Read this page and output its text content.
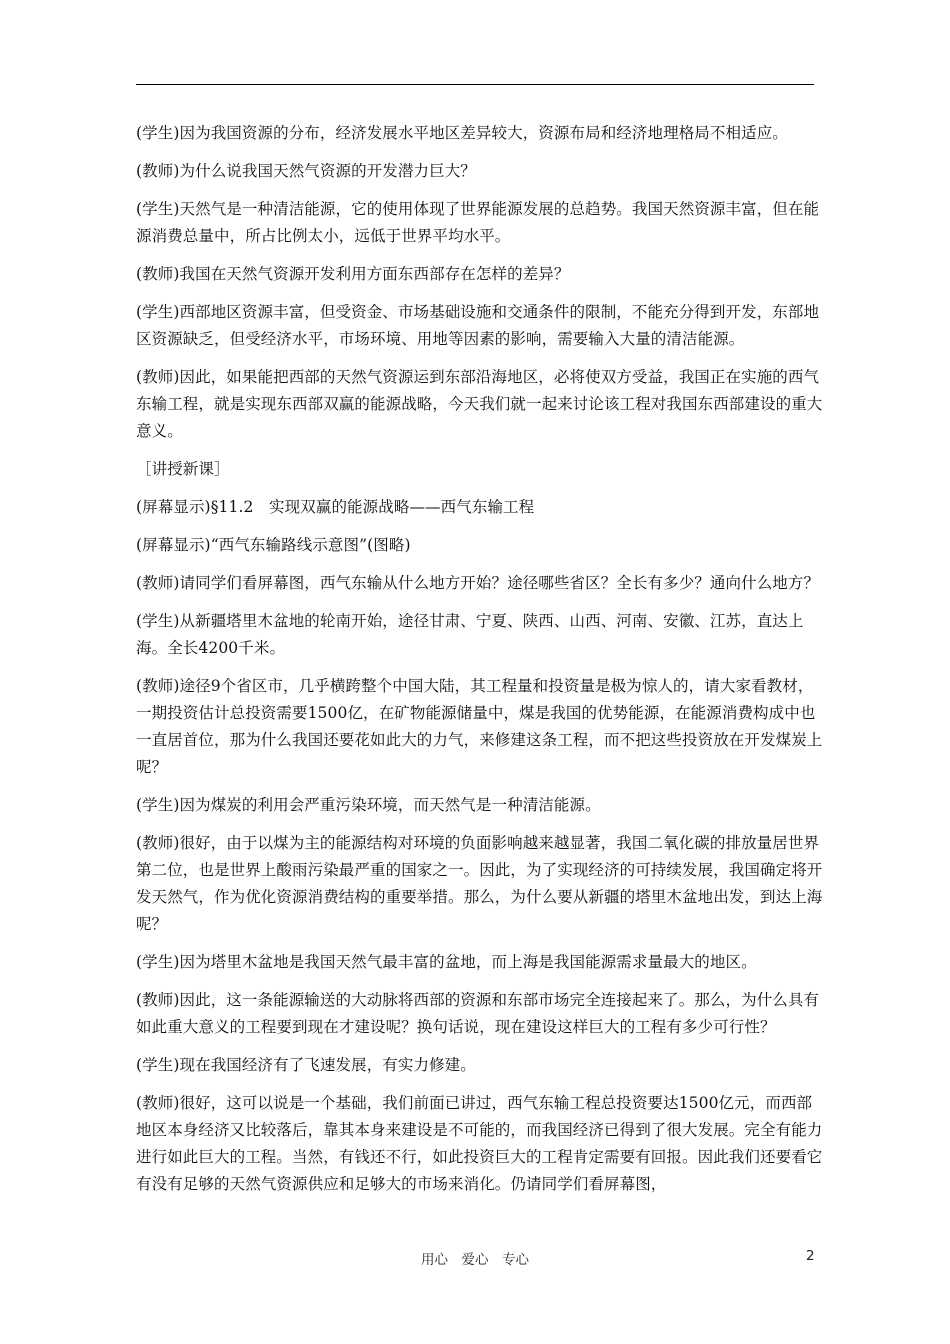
(学生)因为我国资源的分布，经济发展水平地区差异较大，资源布局和经济地理格局不相适应。

(教师)为什么说我国天然气资源的开发潜力巨大？

(学生)天然气是一种清洁能源，它的使用体现了世界能源发展的总趋势。我国天然资源丰富，但在能源消费总量中，所占比例太小，远低于世界平均水平。

(教师)我国在天然气资源开发利用方面东西部存在怎样的差异？

(学生)西部地区资源丰富，但受资金、市场基础设施和交通条件的限制，不能充分得到开发，东部地区资源缺乏，但受经济水平，市场环境、用地等因素的影响，需要输入大量的清洁能源。

(教师)因此，如果能把西部的天然气资源运到东部沿海地区，必将使双方受益，我国正在实施的西气东输工程，就是实现东西部双赢的能源战略，今天我们就一起来讨论该工程对我国东西部建设的重大意义。

［讲授新课］

(屏幕显示)§11.2　实现双赢的能源战略——西气东输工程

(屏幕显示)“西气东输路线示意图”(图略)

(教师)请同学们看屏幕图，西气东输从什么地方开始？途径哪些省区？全长有多少？通向什么地方？

(学生)从新疆塔里木盆地的轮南开始，途径甘肃、宁夏、陕西、山西、河南、安徽、江苏，直达上海。全长4200千米。

(教师)途径9个省区市，几乎横跨整个中国大陆，其工程量和投资量是极为惊人的，请大家看教材，一期投资估计总投资需要1500亿，在矿物能源储量中，煤是我国的优势能源，在能源消费构成中也一直居首位，那为什么我国还要花如此大的力气，来修建这条工程，而不把这些投资放在开发煤炭上呢？

(学生)因为煤炭的利用会严重污染环境，而天然气是一种清洁能源。

(教师)很好，由于以煤为主的能源结构对环境的负面影响越来越显著，我国二氧化碳的排放量居世界第二位，也是世界上酸雨污染最严重的国家之一。因此，为了实现经济的可持续发展，我国确定将开发天然气，作为优化资源消费结构的重要举措。那么，为什么要从新疆的塔里木盆地出发，到达上海呢？

(学生)因为塔里木盆地是我国天然气最丰富的盆地，而上海是我国能源需求量最大的地区。

(教师)因此，这一条能源输送的大动脉将西部的资源和东部市场完全连接起来了。那么，为什么具有如此重大意义的工程要到现在才建设呢？换句话说，现在建设这样巨大的工程有多少可行性？

(学生)现在我国经济有了飞速发展，有实力修建。

(教师)很好，这可以说是一个基础，我们前面已讲过，西气东输工程总投资要达1500亿元，而西部地区本身经济又比较落后，靠其本身来建设是不可能的，而我国经济已得到了很大发展。完全有能力进行如此巨大的工程。当然，有钱还不行，如此投资巨大的工程肯定需要有回报。因此我们还要看它有没有足够的天然气资源供应和足够大的市场来消化。仍请同学们看屏幕图，

用心　爱心　专心	2
